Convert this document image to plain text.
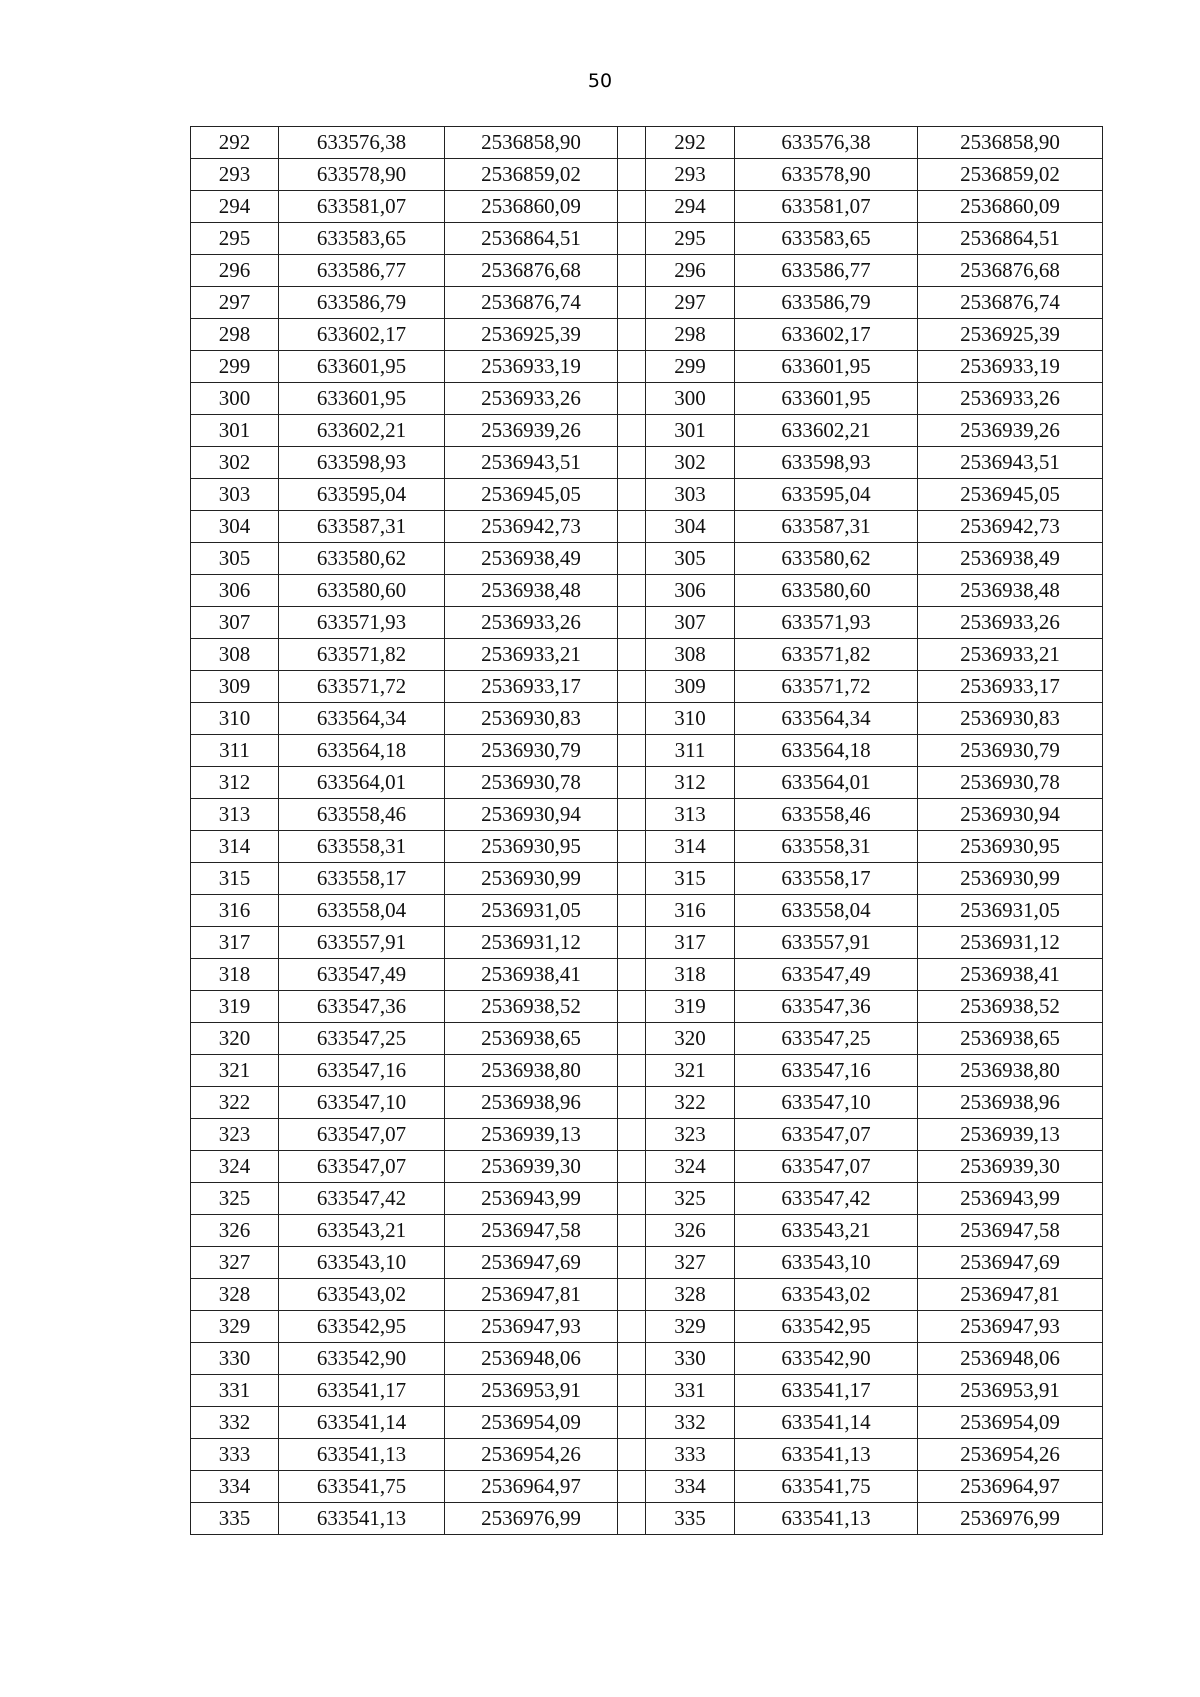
50
292	633576,38	2536858,90		292	633576,38	2536858,90
293	633578,90	2536859,02		293	633578,90	2536859,02
294	633581,07	2536860,09		294	633581,07	2536860,09
295	633583,65	2536864,51		295	633583,65	2536864,51
296	633586,77	2536876,68		296	633586,77	2536876,68
297	633586,79	2536876,74		297	633586,79	2536876,74
298	633602,17	2536925,39		298	633602,17	2536925,39
299	633601,95	2536933,19		299	633601,95	2536933,19
300	633601,95	2536933,26		300	633601,95	2536933,26
301	633602,21	2536939,26		301	633602,21	2536939,26
302	633598,93	2536943,51		302	633598,93	2536943,51
303	633595,04	2536945,05		303	633595,04	2536945,05
304	633587,31	2536942,73		304	633587,31	2536942,73
305	633580,62	2536938,49		305	633580,62	2536938,49
306	633580,60	2536938,48		306	633580,60	2536938,48
307	633571,93	2536933,26		307	633571,93	2536933,26
308	633571,82	2536933,21		308	633571,82	2536933,21
309	633571,72	2536933,17		309	633571,72	2536933,17
310	633564,34	2536930,83		310	633564,34	2536930,83
311	633564,18	2536930,79		311	633564,18	2536930,79
312	633564,01	2536930,78		312	633564,01	2536930,78
313	633558,46	2536930,94		313	633558,46	2536930,94
314	633558,31	2536930,95		314	633558,31	2536930,95
315	633558,17	2536930,99		315	633558,17	2536930,99
316	633558,04	2536931,05		316	633558,04	2536931,05
317	633557,91	2536931,12		317	633557,91	2536931,12
318	633547,49	2536938,41		318	633547,49	2536938,41
319	633547,36	2536938,52		319	633547,36	2536938,52
320	633547,25	2536938,65		320	633547,25	2536938,65
321	633547,16	2536938,80		321	633547,16	2536938,80
322	633547,10	2536938,96		322	633547,10	2536938,96
323	633547,07	2536939,13		323	633547,07	2536939,13
324	633547,07	2536939,30		324	633547,07	2536939,30
325	633547,42	2536943,99		325	633547,42	2536943,99
326	633543,21	2536947,58		326	633543,21	2536947,58
327	633543,10	2536947,69		327	633543,10	2536947,69
328	633543,02	2536947,81		328	633543,02	2536947,81
329	633542,95	2536947,93		329	633542,95	2536947,93
330	633542,90	2536948,06		330	633542,90	2536948,06
331	633541,17	2536953,91		331	633541,17	2536953,91
332	633541,14	2536954,09		332	633541,14	2536954,09
333	633541,13	2536954,26		333	633541,13	2536954,26
334	633541,75	2536964,97		334	633541,75	2536964,97
335	633541,13	2536976,99		335	633541,13	2536976,99
